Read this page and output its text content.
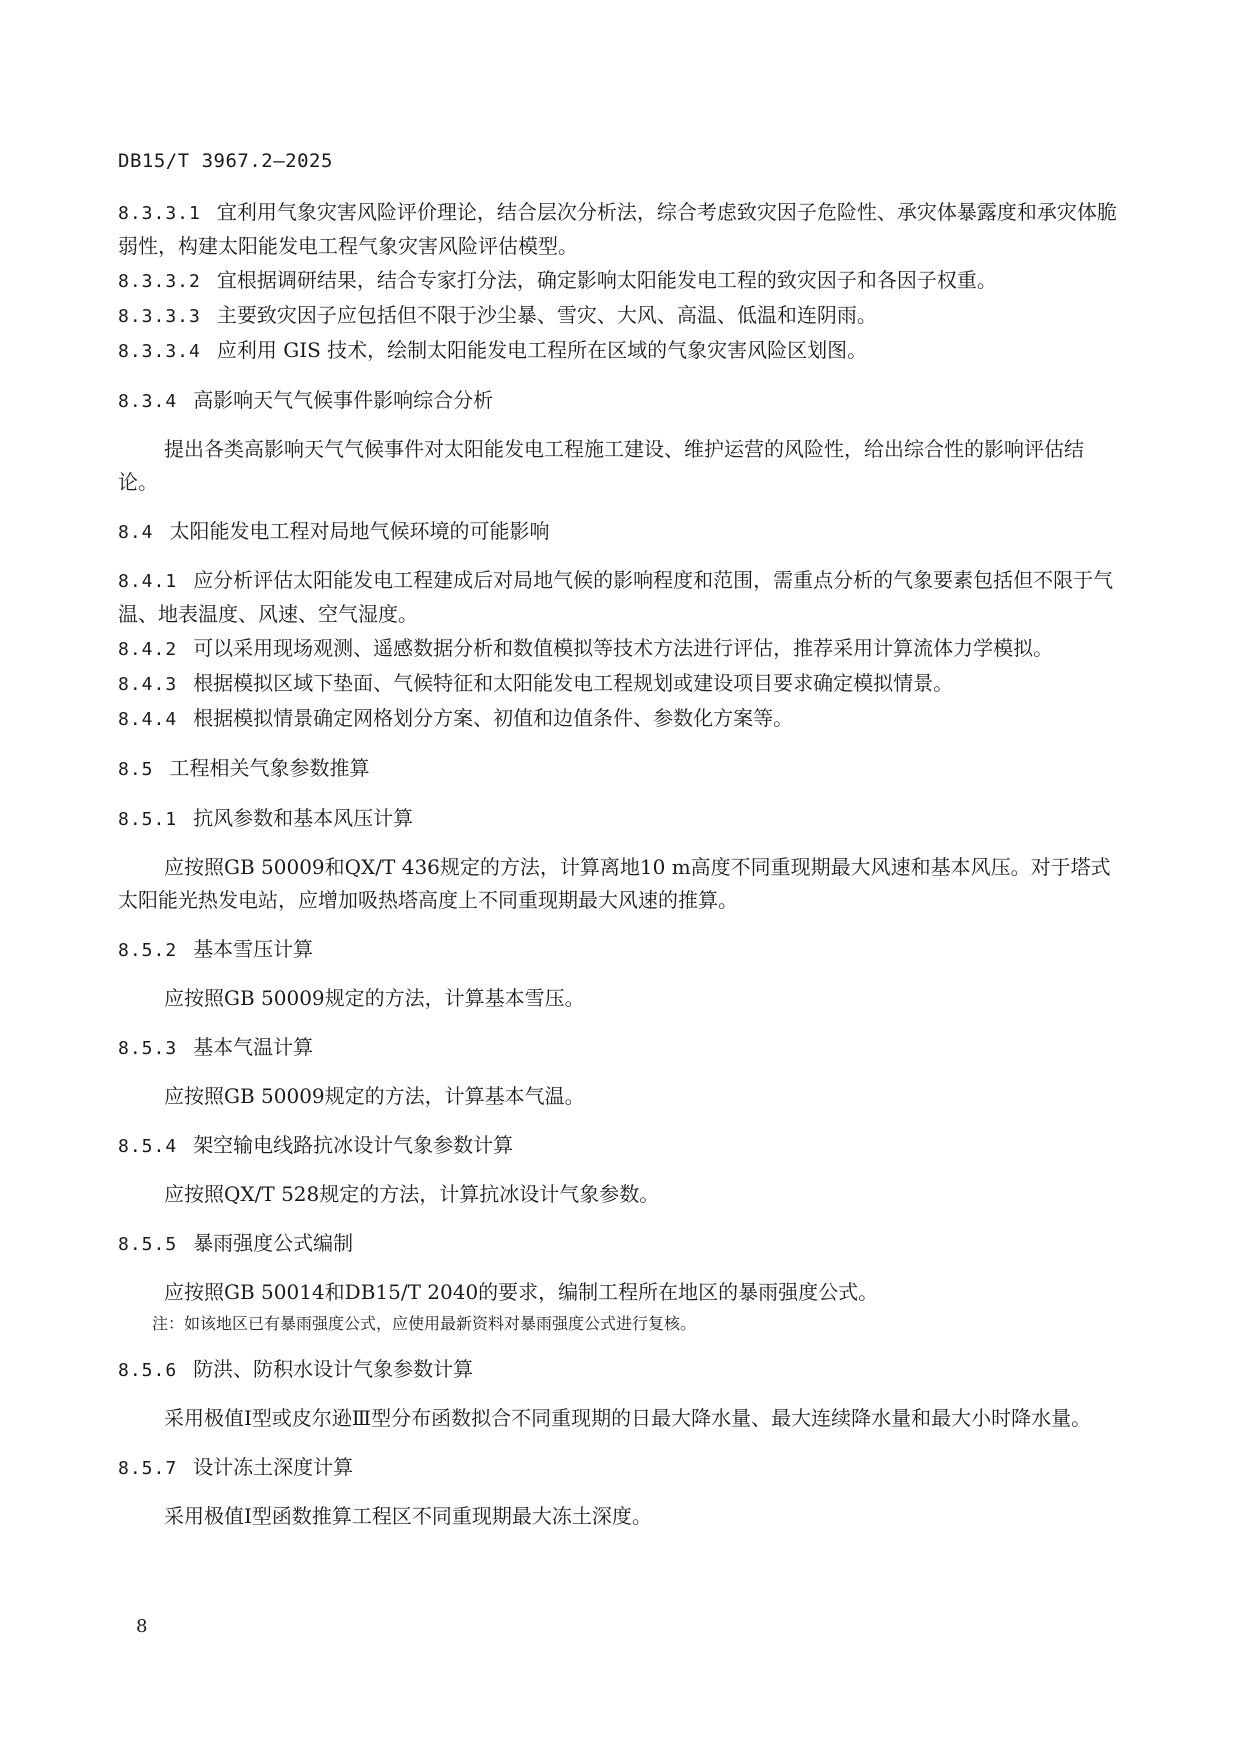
DB15/T 3967.2—2025

8.3.3.1 宜利用气象灾害风险评价理论，结合层次分析法，综合考虑致灾因子危险性、承灾体暴露度和承灾体脆弱性，构建太阳能发电工程气象灾害风险评估模型。

8.3.3.2 宜根据调研结果，结合专家打分法，确定影响太阳能发电工程的致灾因子和各因子权重。

8.3.3.3 主要致灾因子应包括但不限于沙尘暴、雪灾、大风、高温、低温和连阴雨。

8.3.3.4 应利用 GIS 技术，绘制太阳能发电工程所在区域的气象灾害风险区划图。

8.3.4 高影响天气气候事件影响综合分析

提出各类高影响天气气候事件对太阳能发电工程施工建设、维护运营的风险性，给出综合性的影响评估结论。

8.4 太阳能发电工程对局地气候环境的可能影响

8.4.1 应分析评估太阳能发电工程建成后对局地气候的影响程度和范围，需重点分析的气象要素包括但不限于气温、地表温度、风速、空气湿度。

8.4.2 可以采用现场观测、遥感数据分析和数值模拟等技术方法进行评估，推荐采用计算流体力学模拟。

8.4.3 根据模拟区域下垫面、气候特征和太阳能发电工程规划或建设项目要求确定模拟情景。

8.4.4 根据模拟情景确定网格划分方案、初值和边值条件、参数化方案等。

8.5 工程相关气象参数推算
8.5.1 抗风参数和基本风压计算

应按照GB 50009和QX/T 436规定的方法，计算离地10 m高度不同重现期最大风速和基本风压。对于塔式太阳能光热发电站，应增加吸热塔高度上不同重现期最大风速的推算。

8.5.2 基本雪压计算

应按照GB 50009规定的方法，计算基本雪压。

8.5.3 基本气温计算

应按照GB 50009规定的方法，计算基本气温。

8.5.4 架空输电线路抗冰设计气象参数计算

应按照QX/T 528规定的方法，计算抗冰设计气象参数。

8.5.5 暴雨强度公式编制

应按照GB 50014和DB15/T 2040的要求，编制工程所在地区的暴雨强度公式。

注：如该地区已有暴雨强度公式，应使用最新资料对暴雨强度公式进行复核。

8.5.6 防洪、防积水设计气象参数计算

采用极值I型或皮尔逊Ⅲ型分布函数拟合不同重现期的日最大降水量、最大连续降水量和最大小时降水量。

8.5.7 设计冻土深度计算

采用极值I型函数推算工程区不同重现期最大冻土深度。

8
